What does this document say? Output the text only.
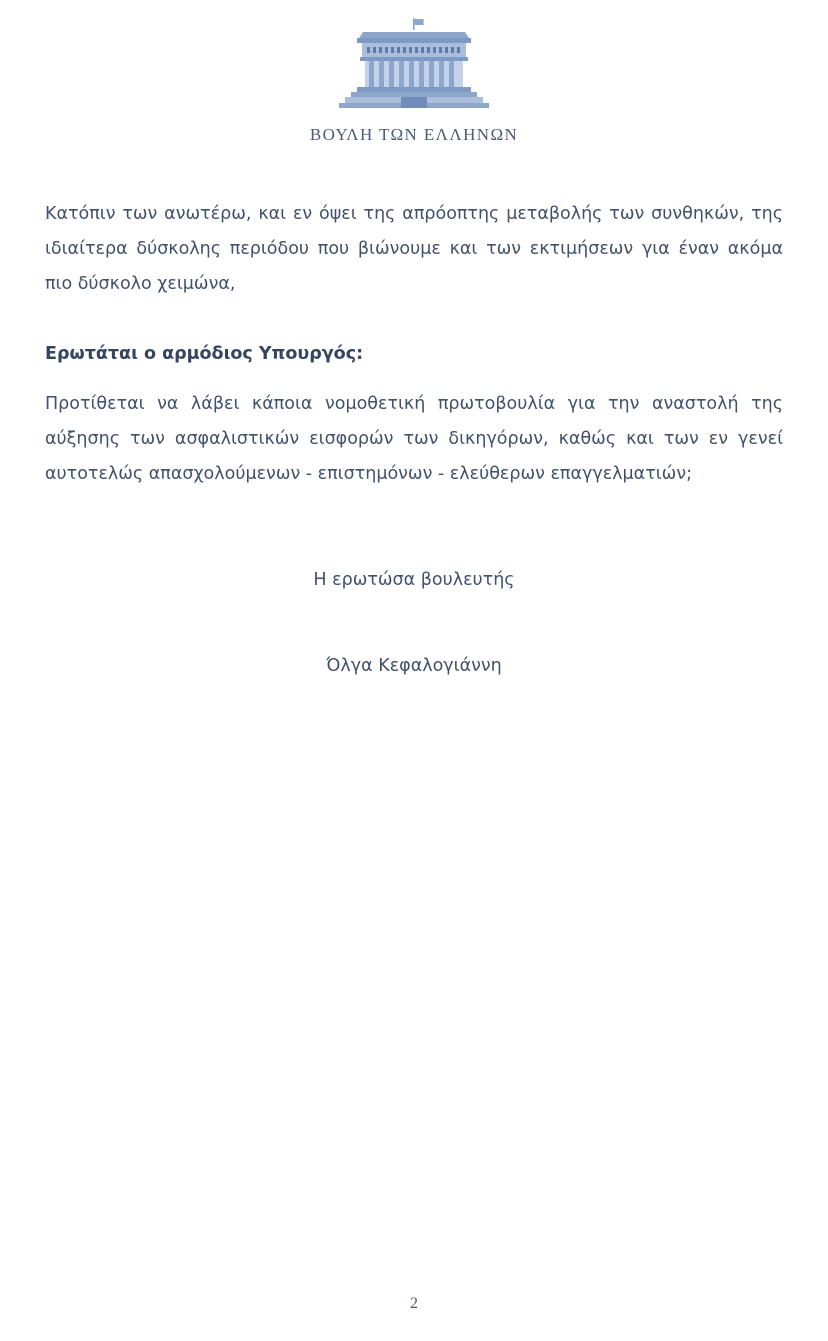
ΒΟΥΛΗ ΤΩΝ ΕΛΛΗΝΩΝ

Κατόπιν των ανωτέρω, και εν όψει της απρόοπτης μεταβολής των συνθηκών, της ιδιαίτερα δύσκολης περιόδου που βιώνουμε και των εκτιμήσεων για έναν ακόμα πιο δύσκολο χειμώνα,

Ερωτάται ο αρμόδιος Υπουργός:

Προτίθεται να λάβει κάποια νομοθετική πρωτοβουλία για την αναστολή της αύξησης των ασφαλιστικών εισφορών των δικηγόρων, καθώς και των εν γενεί αυτοτελώς απασχολούμενων - επιστημόνων - ελεύθερων επαγγελματιών;

Η ερωτώσα βουλευτής
Όλγα Κεφαλογιάννη
2
